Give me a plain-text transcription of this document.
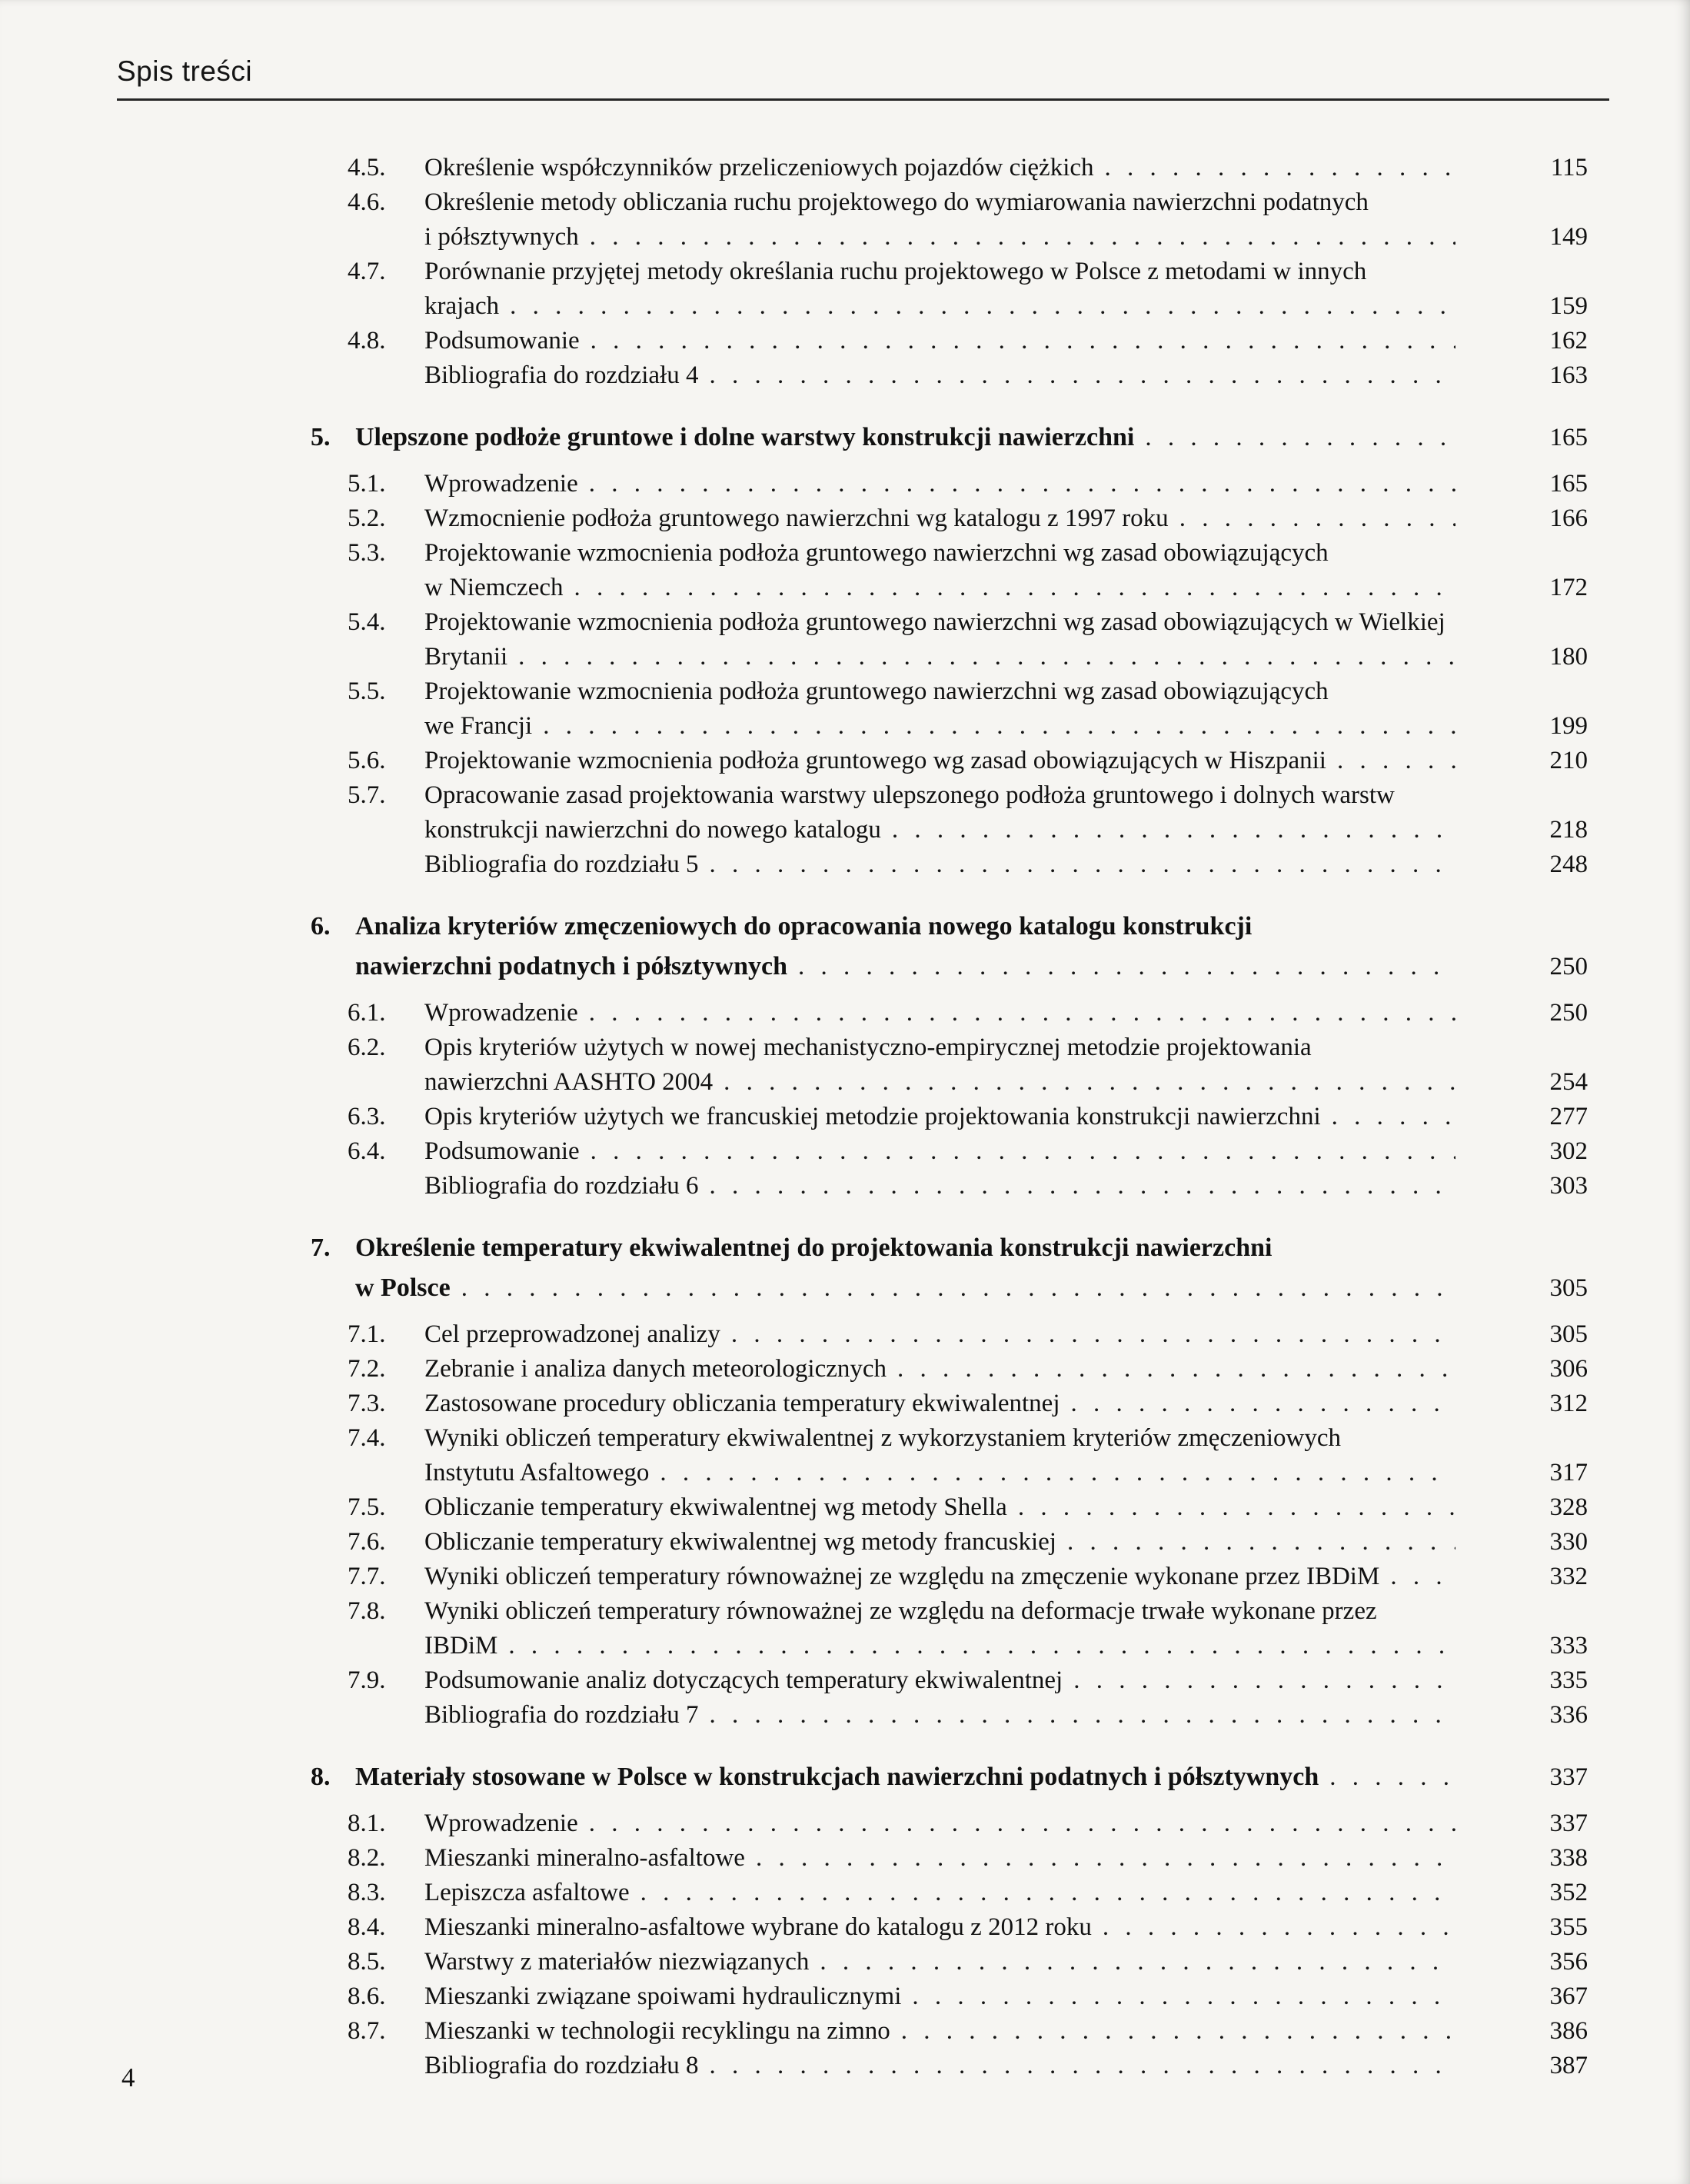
Spis treści
4.5.	Określenie współczynników przeliczeniowych pojazdów ciężkich . . .	115
4.6.	Określenie metody obliczania ruchu projektowego do wymiarowania nawierzchni podatnych
i półsztywnych . . .	149
4.7.	Porównanie przyjętej metody określania ruchu projektowego w Polsce z metodami w innych
krajach . . .	159
4.8.	Podsumowanie . . .	162
Bibliografia do rozdziału 4 . . .	163
5. Ulepszone podłoże gruntowe i dolne warstwy konstrukcji nawierzchni . . .	165
5.1.	Wprowadzenie . . .	165
5.2.	Wzmocnienie podłoża gruntowego nawierzchni wg katalogu z 1997 roku . . .	166
5.3.	Projektowanie wzmocnienia podłoża gruntowego nawierzchni wg zasad obowiązujących
w Niemczech . . .	172
5.4.	Projektowanie wzmocnienia podłoża gruntowego nawierzchni wg zasad obowiązujących w Wielkiej
Brytanii . . .	180
5.5.	Projektowanie wzmocnienia podłoża gruntowego nawierzchni wg zasad obowiązujących
we Francji . . .	199
5.6.	Projektowanie wzmocnienia podłoża gruntowego wg zasad obowiązujących w Hiszpanii . . .	210
5.7.	Opracowanie zasad projektowania warstwy ulepszonego podłoża gruntowego i dolnych warstw
konstrukcji nawierzchni do nowego katalogu . . .	218
Bibliografia do rozdziału 5 . . .	248
6. Analiza kryteriów zmęczeniowych do opracowania nowego katalogu konstrukcji
nawierzchni podatnych i półsztywnych . . .	250
6.1.	Wprowadzenie . . .	250
6.2.	Opis kryteriów użytych w nowej mechanistyczno-empirycznej metodzie projektowania
nawierzchni AASHTO 2004 . . .	254
6.3.	Opis kryteriów użytych we francuskiej metodzie projektowania konstrukcji nawierzchni . . .	277
6.4.	Podsumowanie . . .	302
Bibliografia do rozdziału 6 . . .	303
7. Określenie temperatury ekwiwalentnej do projektowania konstrukcji nawierzchni
w Polsce . . .	305
7.1.	Cel przeprowadzonej analizy . . .	305
7.2.	Zebranie i analiza danych meteorologicznych . . .	306
7.3.	Zastosowane procedury obliczania temperatury ekwiwalentnej . . .	312
7.4.	Wyniki obliczeń temperatury ekwiwalentnej z wykorzystaniem kryteriów zmęczeniowych
Instytutu Asfaltowego . . .	317
7.5.	Obliczanie temperatury ekwiwalentnej wg metody Shella . . .	328
7.6.	Obliczanie temperatury ekwiwalentnej wg metody francuskiej . . .	330
7.7.	Wyniki obliczeń temperatury równoważnej ze względu na zmęczenie wykonane przez IBDiM . . .	332
7.8.	Wyniki obliczeń temperatury równoważnej ze względu na deformacje trwałe wykonane przez
IBDiM . . .	333
7.9.	Podsumowanie analiz dotyczących temperatury ekwiwalentnej . . .	335
Bibliografia do rozdziału 7 . . .	336
8. Materiały stosowane w Polsce w konstrukcjach nawierzchni podatnych i półsztywnych . . .	337
8.1.	Wprowadzenie . . .	337
8.2.	Mieszanki mineralno-asfaltowe . . .	338
8.3.	Lepiszcza asfaltowe . . .	352
8.4.	Mieszanki mineralno-asfaltowe wybrane do katalogu z 2012 roku . . .	355
8.5.	Warstwy z materiałów niezwiązanych . . .	356
8.6.	Mieszanki związane spoiwami hydraulicznymi . . .	367
8.7.	Mieszanki w technologii recyklingu na zimno . . .	386
Bibliografia do rozdziału 8 . . .	387
4
